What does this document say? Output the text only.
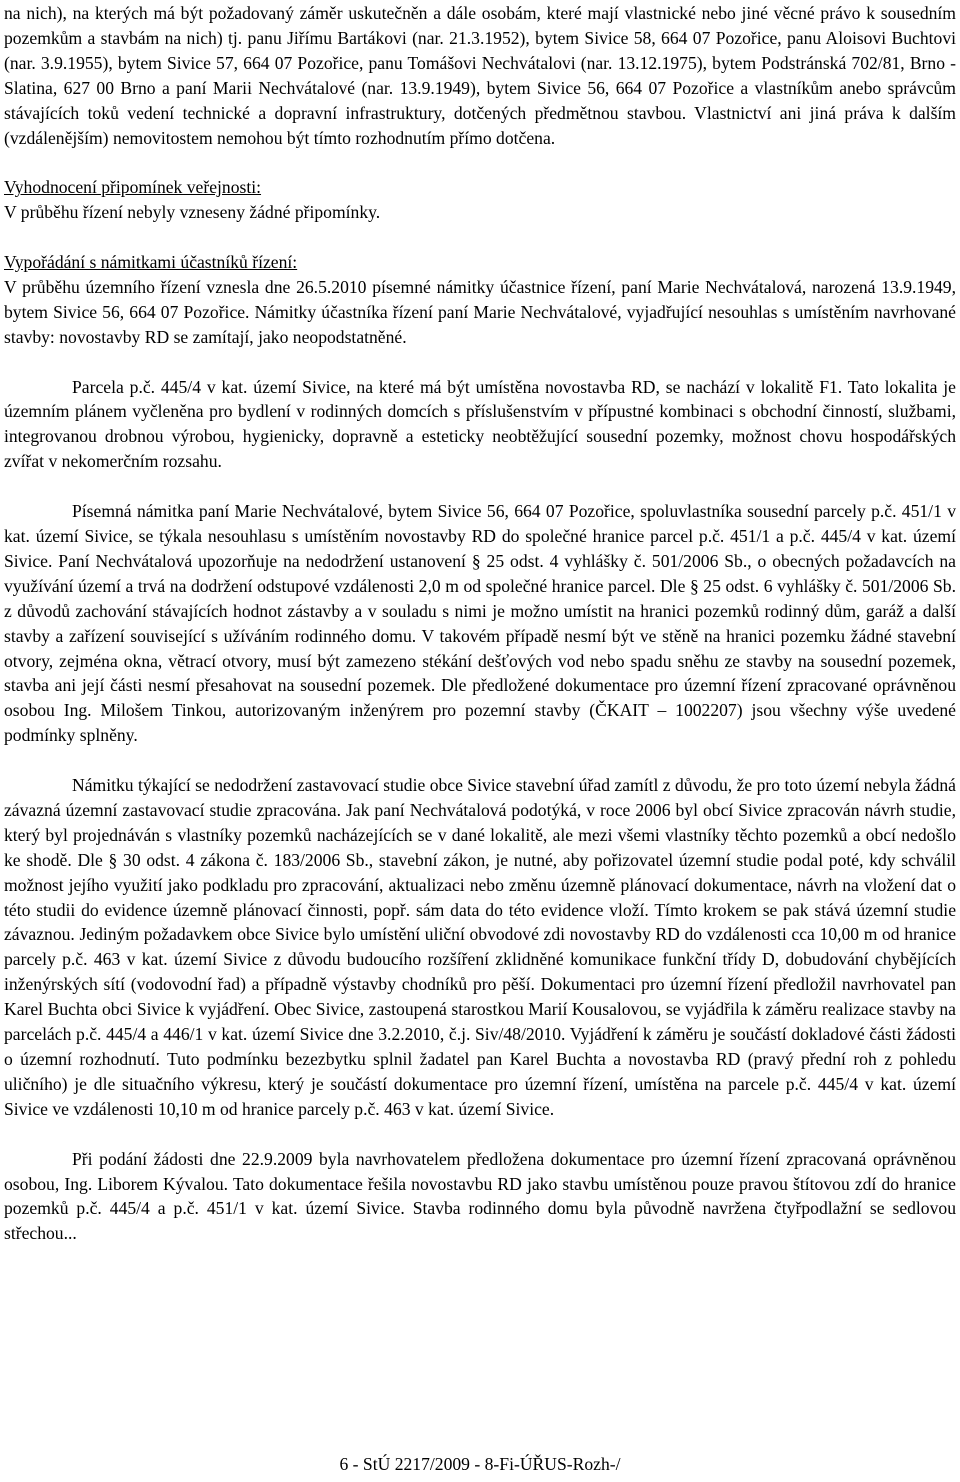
na nich), na kterých má být požadovaný záměr uskutečněn a dále osobám, které mají vlastnické nebo jiné věcné právo k sousedním pozemkům a stavbám na nich) tj. panu Jiřímu Bartákovi (nar. 21.3.1952), bytem Sivice 58, 664 07 Pozořice, panu Aloisovi Buchtovi (nar. 3.9.1955), bytem Sivice 57, 664 07 Pozořice, panu Tomášovi Nechvátalovi (nar. 13.12.1975), bytem Podstránská 702/81, Brno - Slatina, 627 00 Brno a paní Marii Nechvátalové (nar. 13.9.1949), bytem Sivice 56, 664 07 Pozořice a vlastníkům anebo správcům stávajících toků vedení technické a dopravní infrastruktury, dotčených předmětnou stavbou. Vlastnictví ani jiná práva k dalším (vzdálenějším) nemovitostem nemohou být tímto rozhodnutím přímo dotčena.

Vyhodnocení připomínek veřejnosti:

V průběhu řízení nebyly vzneseny žádné připomínky.

Vypořádání s námitkami účastníků řízení:

V průběhu územního řízení vznesla dne 26.5.2010 písemné námitky účastnice řízení, paní Marie Nechvátalová, narozená 13.9.1949, bytem Sivice 56, 664 07 Pozořice. Námitky účastníka řízení paní Marie Nechvátalové, vyjadřující nesouhlas s umístěním navrhované stavby: novostavby RD se zamítají, jako neopodstatněné.

Parcela p.č. 445/4 v kat. území Sivice, na které má být umístěna novostavba RD, se nachází v lokalitě F1. Tato lokalita je územním plánem vyčleněna pro bydlení v rodinných domcích s příslušenstvím v přípustné kombinaci s obchodní činností, službami, integrovanou drobnou výrobou, hygienicky, dopravně a esteticky neobtěžující sousední pozemky, možnost chovu hospodářských zvířat v nekomerčním rozsahu.

Písemná námitka paní Marie Nechvátalové, bytem Sivice 56, 664 07 Pozořice, spoluvlastníka sousední parcely p.č. 451/1 v kat. území Sivice, se týkala nesouhlasu s umístěním novostavby RD do společné hranice parcel p.č. 451/1 a p.č. 445/4 v kat. území Sivice. Paní Nechvátalová upozorňuje na nedodržení ustanovení § 25 odst. 4 vyhlášky č. 501/2006 Sb., o obecných požadavcích na využívání území a trvá na dodržení odstupové vzdálenosti 2,0 m od společné hranice parcel. Dle § 25 odst. 6 vyhlášky č. 501/2006 Sb. z důvodů zachování stávajících hodnot zástavby a v souladu s nimi je možno umístit na hranici pozemků rodinný dům, garáž a další stavby a zařízení související s užíváním rodinného domu. V takovém případě nesmí být ve stěně na hranici pozemku žádné stavební otvory, zejména okna, větrací otvory, musí být zamezeno stékání dešťových vod nebo spadu sněhu ze stavby na sousední pozemek, stavba ani její části nesmí přesahovat na sousední pozemek. Dle předložené dokumentace pro územní řízení zpracované oprávněnou osobou Ing. Milošem Tinkou, autorizovaným inženýrem pro pozemní stavby (ČKAIT – 1002207) jsou všechny výše uvedené podmínky splněny.

Námitku týkající se nedodržení zastavovací studie obce Sivice stavební úřad zamítl z důvodu, že pro toto území nebyla žádná závazná územní zastavovací studie zpracována. Jak paní Nechvátalová podotýká, v roce 2006 byl obcí Sivice zpracován návrh studie, který byl projednáván s vlastníky pozemků nacházejících se v dané lokalitě, ale mezi všemi vlastníky těchto pozemků a obcí nedošlo ke shodě. Dle § 30 odst. 4 zákona č. 183/2006 Sb., stavební zákon, je nutné, aby pořizovatel územní studie podal poté, kdy schválil možnost jejího využití jako podkladu pro zpracování, aktualizaci nebo změnu územně plánovací dokumentace, návrh na vložení dat o této studii do evidence územně plánovací činnosti, popř. sám data do této evidence vloží. Tímto krokem se pak stává územní studie závaznou. Jediným požadavkem obce Sivice bylo umístění uliční obvodové zdi novostavby RD do vzdálenosti cca 10,00 m od hranice parcely p.č. 463 v kat. území Sivice z důvodu budoucího rozšíření zklidněné komunikace funkční třídy D, dobudování chybějících inženýrských sítí (vodovodní řad) a případně výstavby chodníků pro pěší. Dokumentaci pro územní řízení předložil navrhovatel pan Karel Buchta obci Sivice k vyjádření. Obec Sivice, zastoupená starostkou Marií Kousalovou, se vyjádřila k záměru realizace stavby na parcelách p.č. 445/4 a 446/1 v kat. území Sivice dne 3.2.2010, č.j. Siv/48/2010. Vyjádření k záměru je součástí dokladové části žádosti o územní rozhodnutí. Tuto podmínku bezezbytku splnil žadatel pan Karel Buchta a novostavba RD (pravý přední roh z pohledu uličního) je dle situačního výkresu, který je součástí dokumentace pro územní řízení, umístěna na parcele p.č. 445/4 v kat. území Sivice ve vzdálenosti 10,10 m od hranice parcely p.č. 463 v kat. území Sivice.

Při podání žádosti dne 22.9.2009 byla navrhovatelem předložena dokumentace pro územní řízení zpracovaná oprávněnou osobou, Ing. Liborem Kývalou. Tato dokumentace řešila novostavbu RD jako stavbu umístěnou pouze pravou štítovou zdí do hranice pozemků p.č. 445/4 a p.č. 451/1 v kat. území Sivice. Stavba rodinného domu byla původně navržena čtyřpodlažní se sedlovou střechou...

6 - StÚ 2217/2009 - 8-Fi-ÚŘUS-Rozh-/
